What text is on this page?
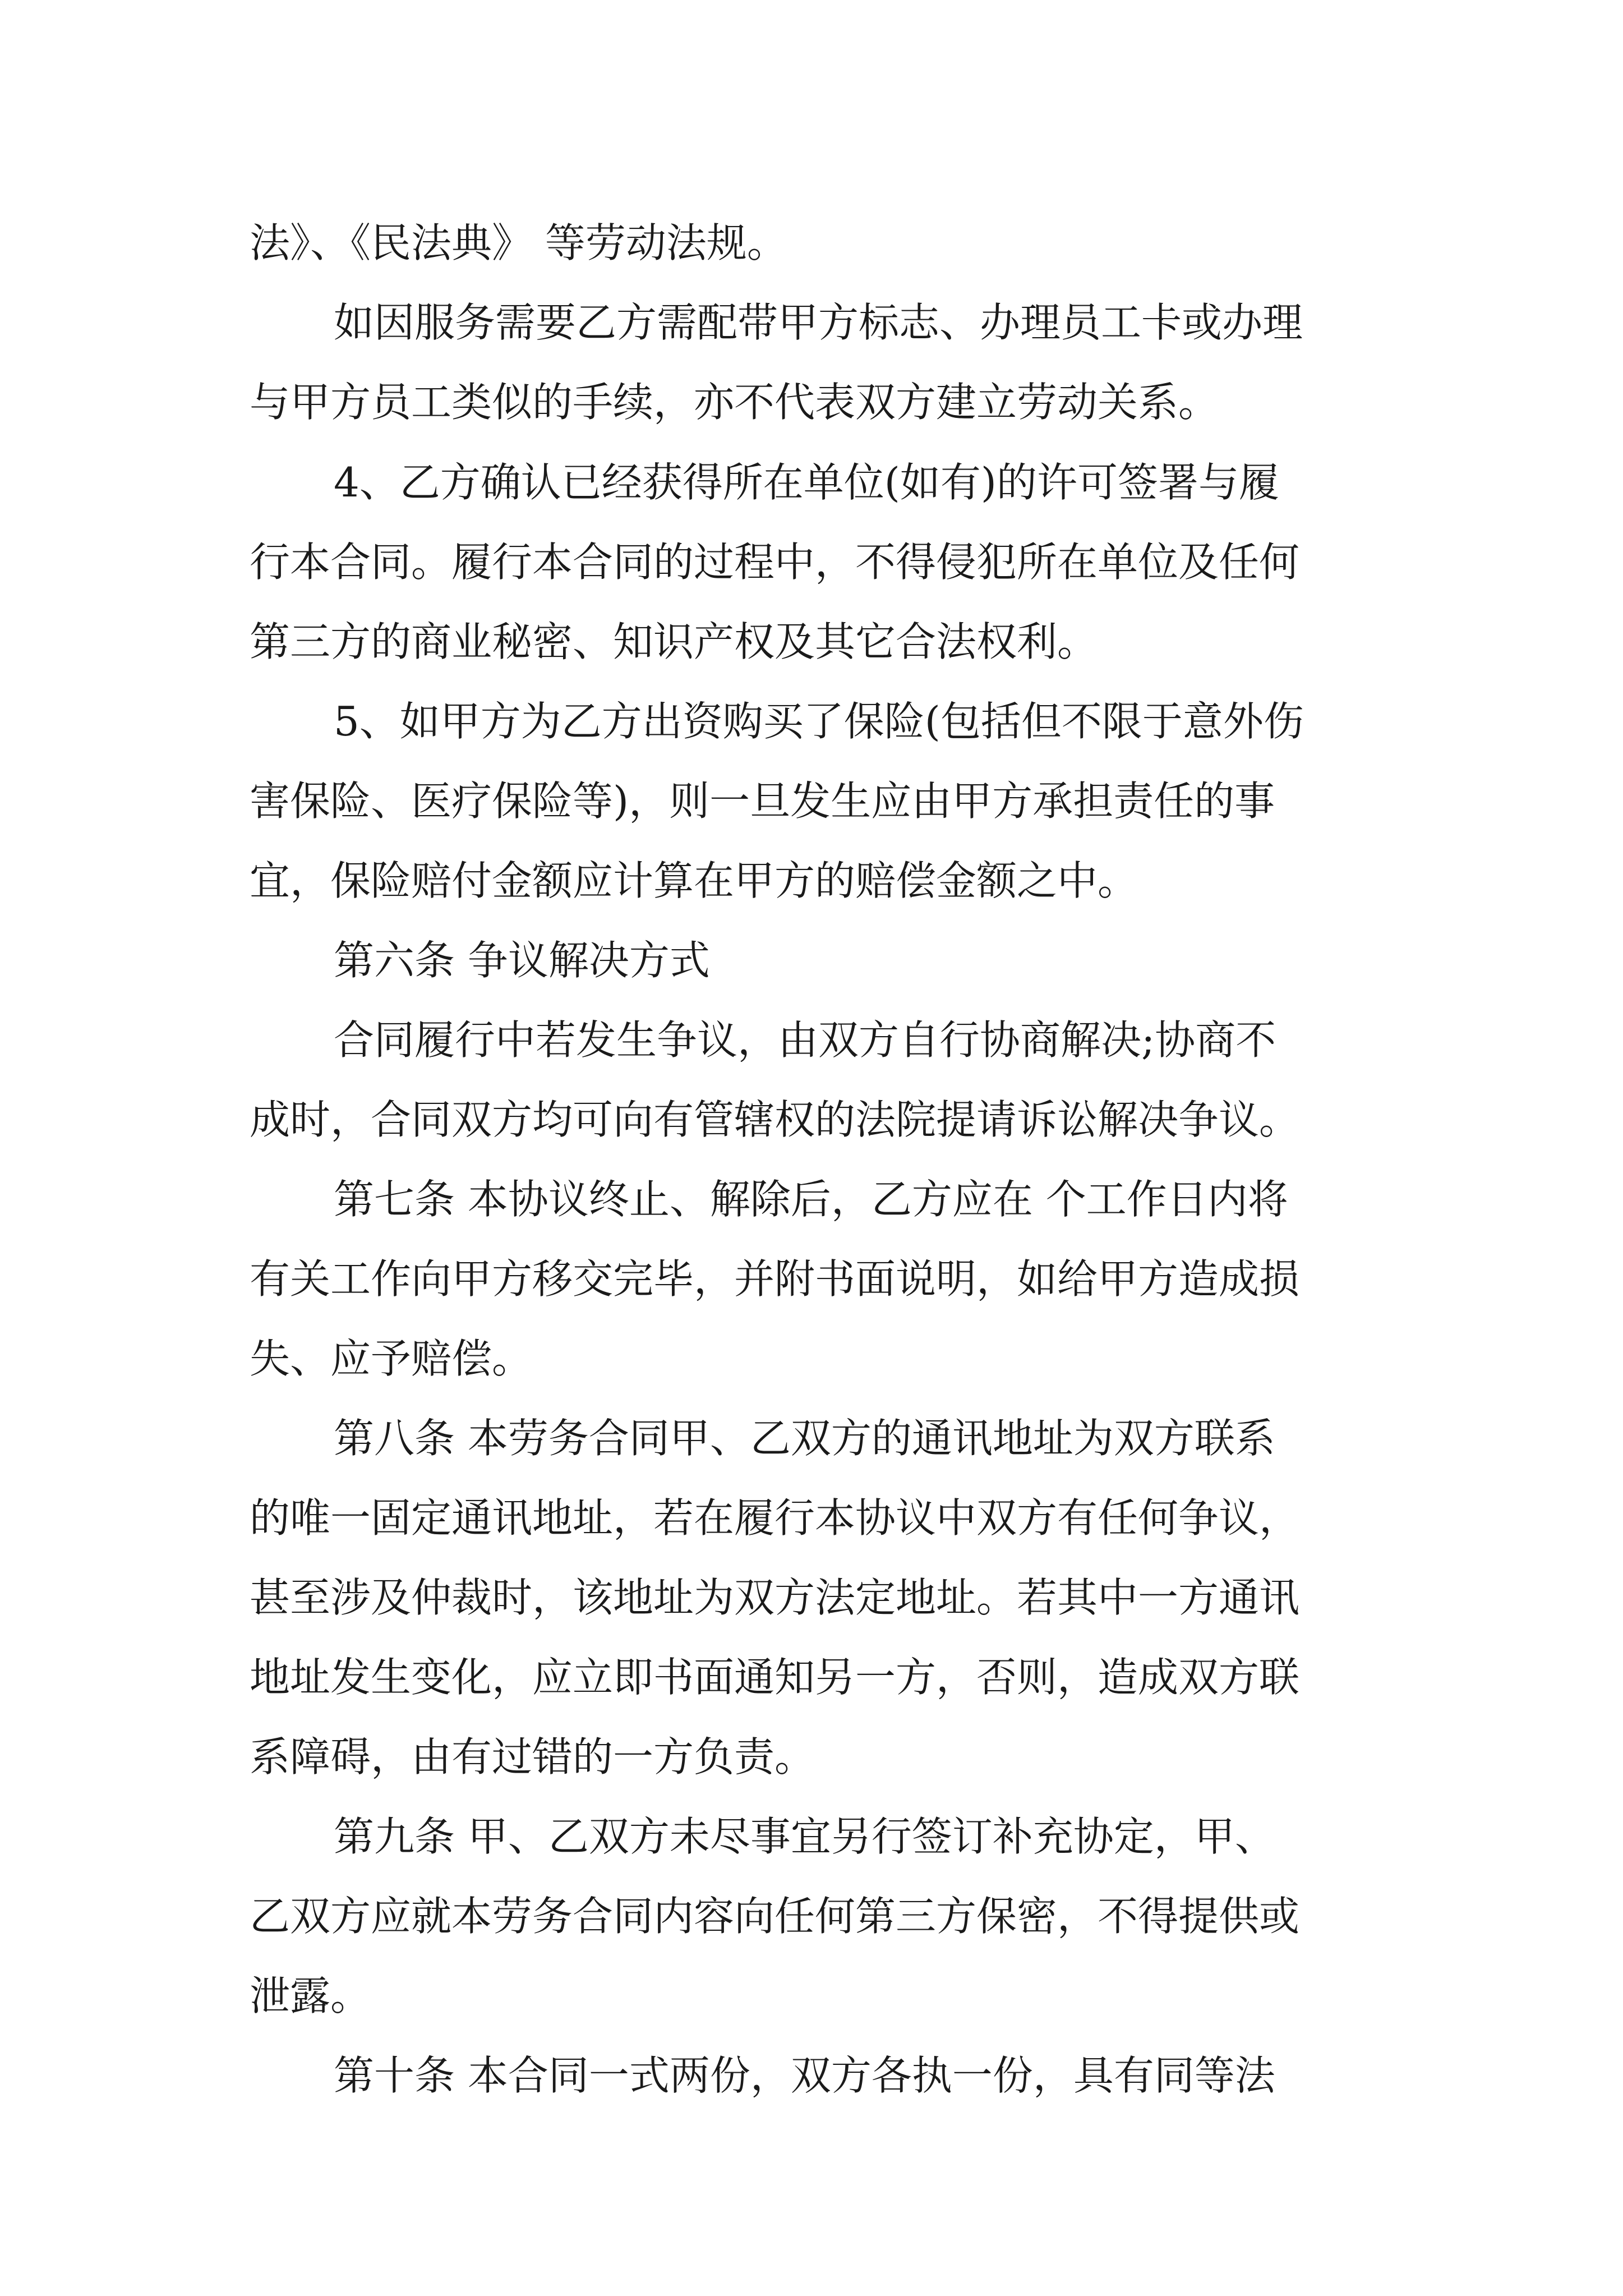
法》、《民法典》 等劳动法规。

如因服务需要乙方需配带甲方标志、办理员工卡或办理

与甲方员工类似的手续，亦不代表双方建立劳动关系。

4、乙方确认已经获得所在单位(如有)的许可签署与履

行本合同。履行本合同的过程中，不得侵犯所在单位及任何

第三方的商业秘密、知识产权及其它合法权利。

5、如甲方为乙方出资购买了保险(包括但不限于意外伤

害保险、医疗保险等)，则一旦发生应由甲方承担责任的事

宜，保险赔付金额应计算在甲方的赔偿金额之中。

第六条 争议解决方式

合同履行中若发生争议，由双方自行协商解决;协商不

成时，合同双方均可向有管辖权的法院提请诉讼解决争议。

第七条 本协议终止、解除后，乙方应在 个工作日内将

有关工作向甲方移交完毕，并附书面说明，如给甲方造成损

失、应予赔偿。

第八条 本劳务合同甲、乙双方的通讯地址为双方联系

的唯一固定通讯地址，若在履行本协议中双方有任何争议，

甚至涉及仲裁时，该地址为双方法定地址。若其中一方通讯

地址发生变化，应立即书面通知另一方，否则，造成双方联

系障碍，由有过错的一方负责。

第九条 甲、乙双方未尽事宜另行签订补充协定，甲、

乙双方应就本劳务合同内容向任何第三方保密，不得提供或

泄露。

第十条 本合同一式两份，双方各执一份，具有同等法
